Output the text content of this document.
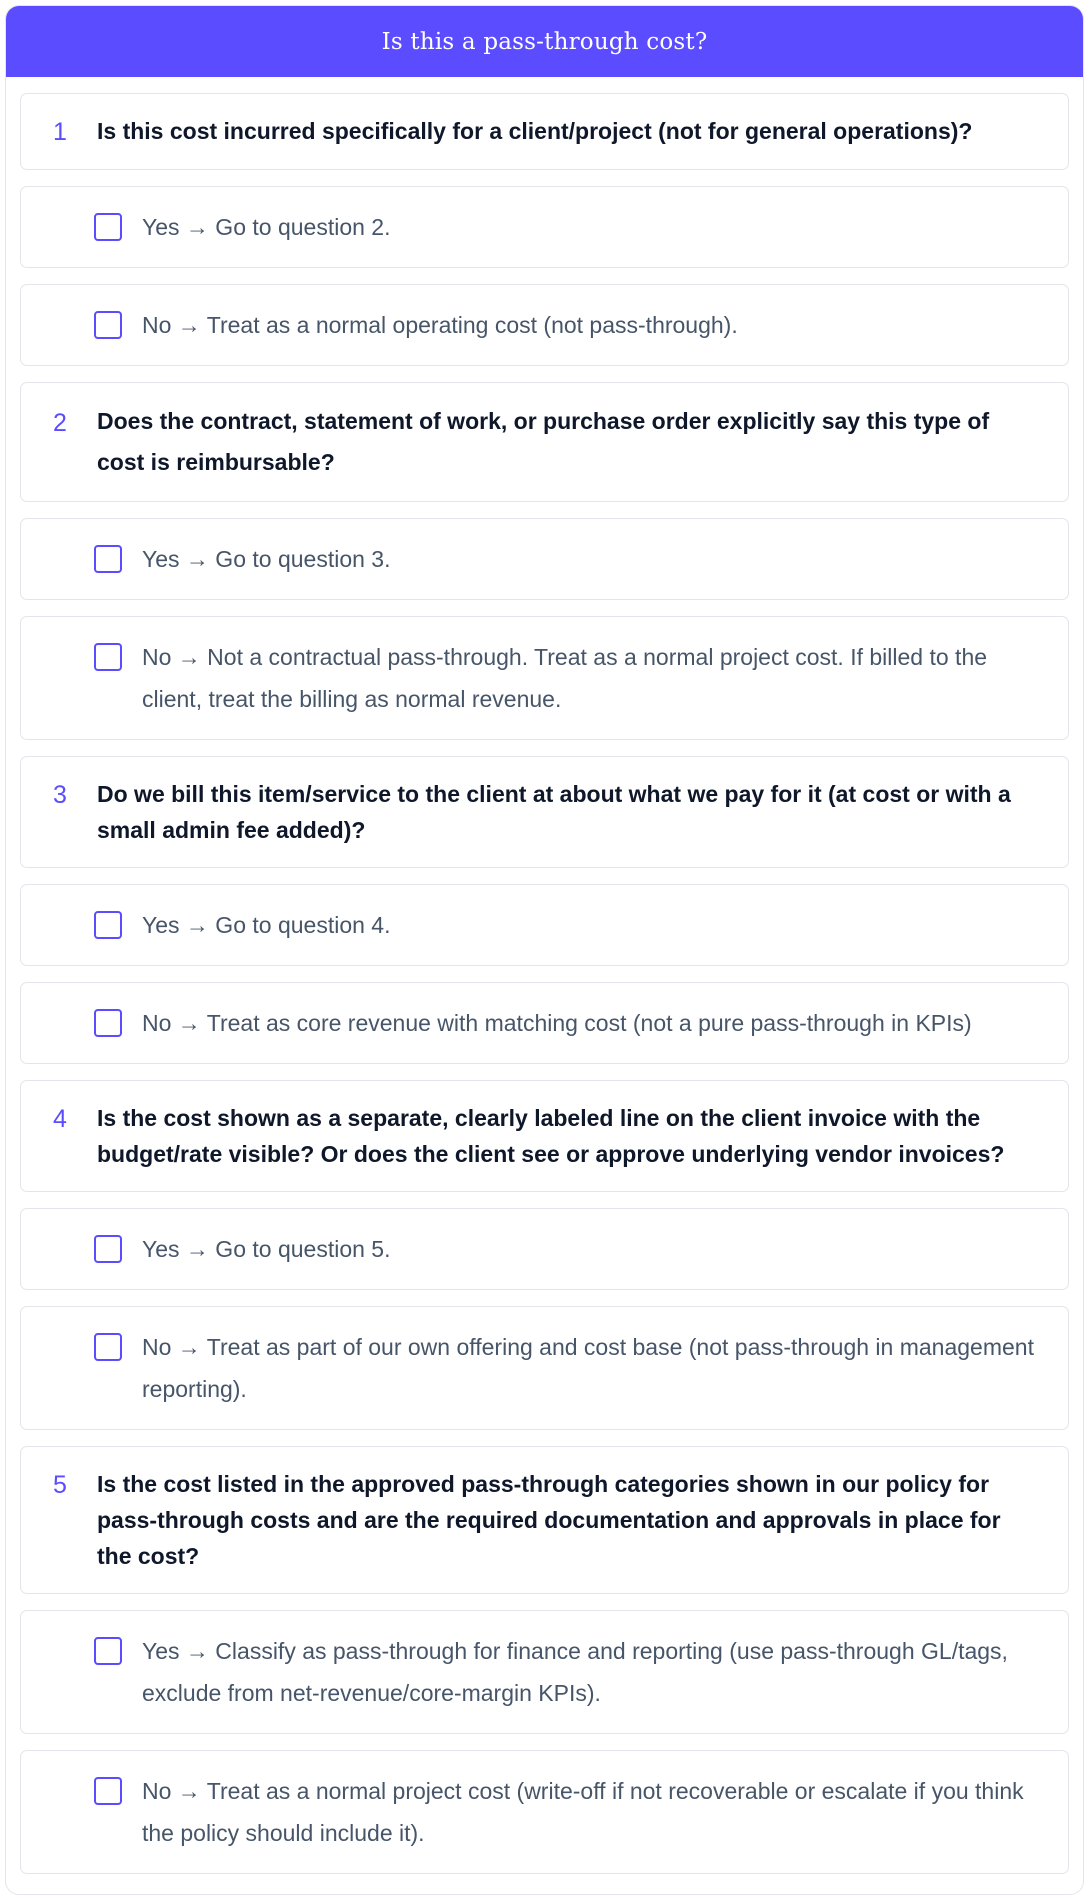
Is this a pass-through cost?
1	Is this cost incurred specifically for a client/project (not for general operations)?
Yes → Go to question 2.
No → Treat as a normal operating cost (not pass-through).
2	Does the contract, statement of work, or purchase order explicitly say this type of cost is reimbursable?
Yes → Go to question 3.
No → Not a contractual pass-through. Treat as a normal project cost. If billed to the client, treat the billing as normal revenue.
3	Do we bill this item/service to the client at about what we pay for it (at cost or with a small admin fee added)?
Yes → Go to question 4.
No → Treat as core revenue with matching cost (not a pure pass-through in KPIs)
4	Is the cost shown as a separate, clearly labeled line on the client invoice with the budget/rate visible? Or does the client see or approve underlying vendor invoices?
Yes → Go to question 5.
No → Treat as part of our own offering and cost base (not pass-through in management reporting).
5	Is the cost listed in the approved pass-through categories shown in our policy for pass-through costs and are the required documentation and approvals in place for the cost?
Yes → Classify as pass-through for finance and reporting (use pass-through GL/tags, exclude from net-revenue/core-margin KPIs).
No → Treat as a normal project cost (write-off if not recoverable or escalate if you think the policy should include it).
